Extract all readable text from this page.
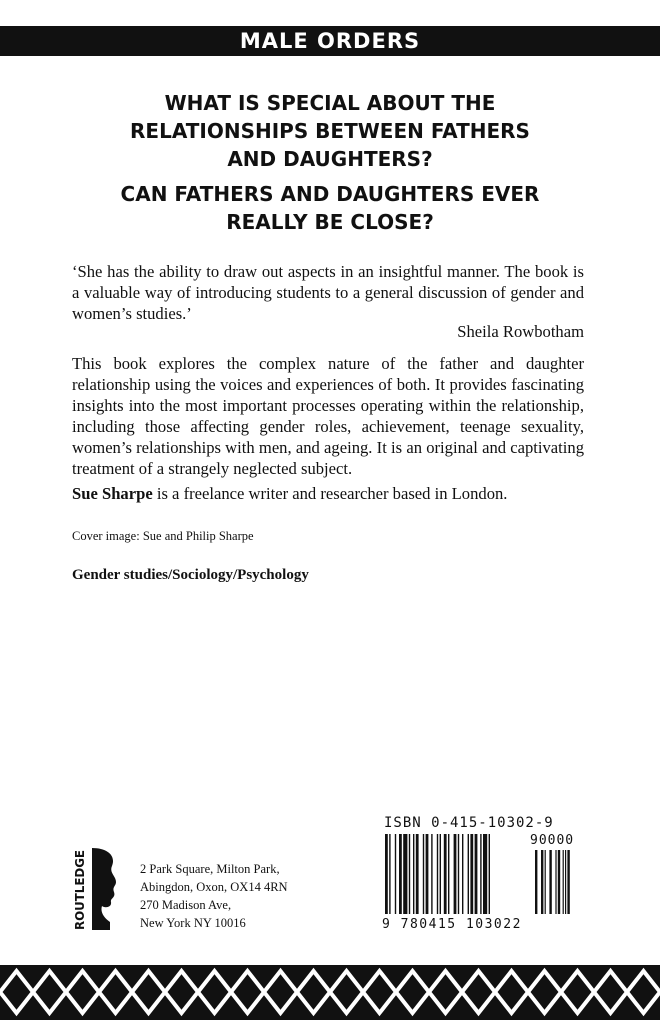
MALE ORDERS
WHAT IS SPECIAL ABOUT THE
RELATIONSHIPS BETWEEN FATHERS
AND DAUGHTERS?
CAN FATHERS AND DAUGHTERS EVER
REALLY BE CLOSE?

‘She has the ability to draw out aspects in an insightful manner. The book is a valuable way of introducing students to a general discussion of gender and women’s studies.’

Sheila Rowbotham

This book explores the complex nature of the father and daughter relationship using the voices and experiences of both. It provides fascinating insights into the most important processes operating within the relationship, including those affecting gender roles, achievement, teenage sexuality, women’s relationships with men, and ageing. It is an original and captivating treatment of a strangely neglected subject.

Sue Sharpe is a freelance writer and researcher based in London.

Cover image: Sue and Philip Sharpe

Gender studies/Sociology/Psychology

ROUTLEDGE	2 Park Square, Milton Park,
Abingdon, Oxon, OX14 4RN
270 Madison Ave,
New York NY 10016

ISBN 0-415-10302-9

90000

9 780415 103022
